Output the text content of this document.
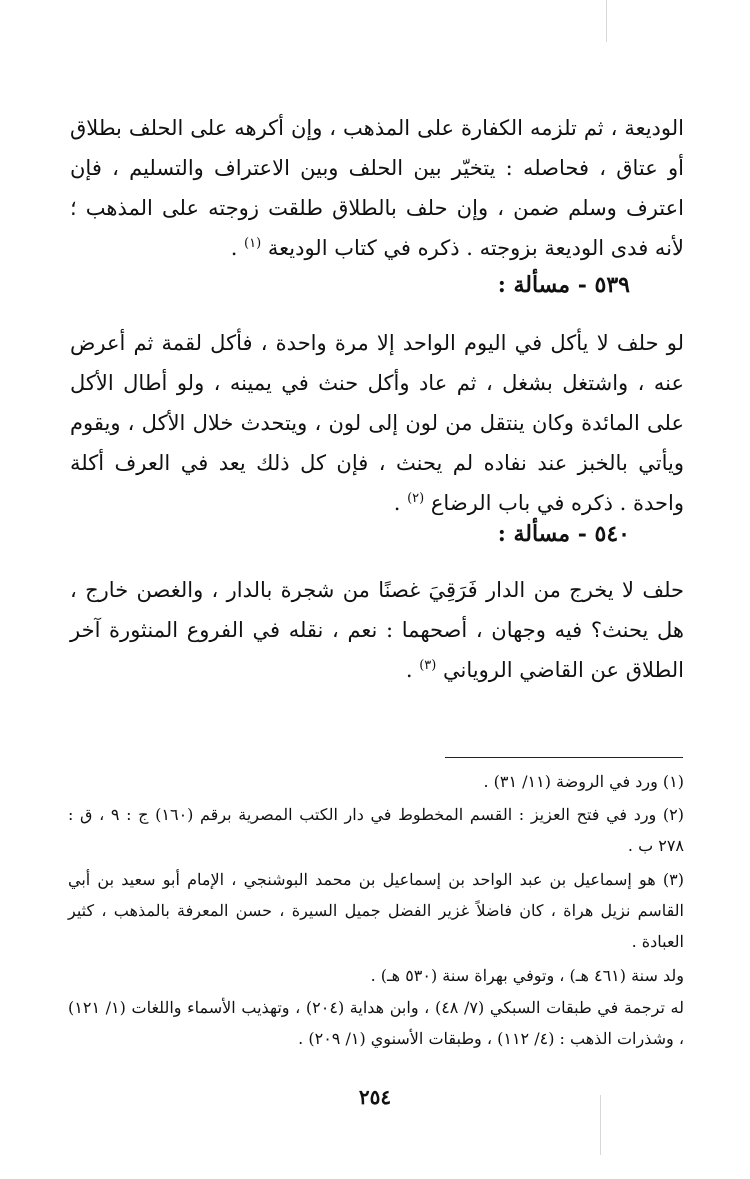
الوديعة ، ثم تلزمه الكفارة على المذهب ، وإن أكرهه على الحلف بطلاق أو عتاق ، فحاصله : يتخيّر بين الحلف وبين الاعتراف والتسليم ، فإن اعترف وسلم ضمن ، وإن حلف بالطلاق طلقت زوجته على المذهب ؛ لأنه فدى الوديعة بزوجته . ذكره في كتاب الوديعة $^{(١)}$ .

٥٣٩ - مسألة :

لو حلف لا يأكل في اليوم الواحد إلا مرة واحدة ، فأكل لقمة ثم أعرض عنه ، واشتغل بشغل ، ثم عاد وأكل حنث في يمينه ، ولو أطال الأكل على المائدة وكان ينتقل من لون إلى لون ، ويتحدث خلال الأكل ، ويقوم ويأتي بالخبز عند نفاده لم يحنث ، فإن كل ذلك يعد في العرف أكلة واحدة . ذكره في باب الرضاع $^{(٢)}$ .

٥٤٠ - مسألة :

حلف لا يخرج من الدار فَرَقِيَ غصنًا من شجرة بالدار ، والغصن خارج ، هل يحنث؟ فيه وجهان ، أصحهما : نعم ، نقله في الفروع المنثورة آخر الطلاق عن القاضي الروياني $^{(٣)}$ .

(١) ورد في الروضة (١١/ ٣١) .

(٢) ورد في فتح العزيز : القسم المخطوط في دار الكتب المصرية برقم (١٦٠) ج : ٩ ، ق : ٢٧٨ ب .

(٣) هو إسماعيل بن عبد الواحد بن إسماعيل بن محمد البوشنجي ، الإمام أبو سعيد بن أبي القاسم نزيل هراة ، كان فاضلاً غزير الفضل جميل السيرة ، حسن المعرفة بالمذهب ، كثير العبادة .

ولد سنة (٤٦١ هـ) ، وتوفي بهراة سنة (٥٣٠ هـ) .

له ترجمة في طبقات السبكي (٧/ ٤٨) ، وابن هداية (٢٠٤) ، وتهذيب الأسماء واللغات (١/ ١٢١) ، وشذرات الذهب : (٤/ ١١٢) ، وطبقات الأسنوي (١/ ٢٠٩) .

٢٥٤
